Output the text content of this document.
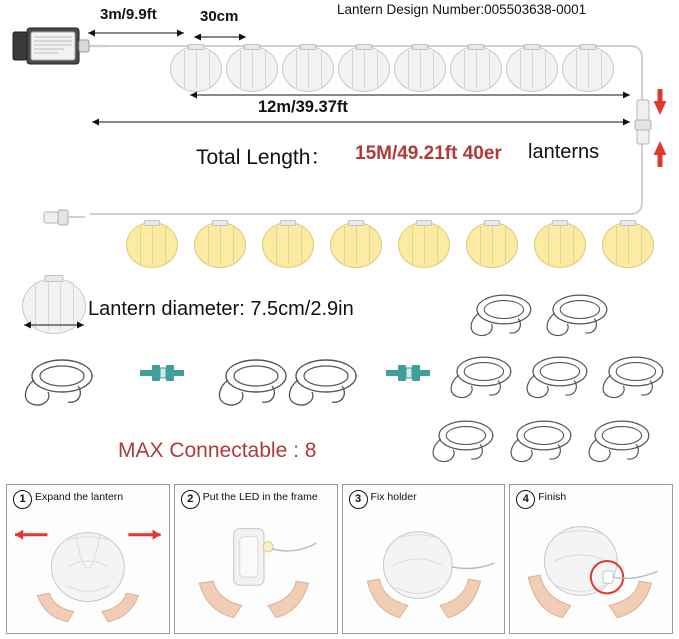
Lantern Design Number:005503638-0001
3m/9.9ft	30cm
12m/39.37ft
Total Length： 15M/49.21ft 40er lanterns
Lantern diameter: 7.5cm/2.9in
MAX Connectable : 8
1 Expand the lantern	2 Put the LED in the frame	3 Fix holder	4 Finish
